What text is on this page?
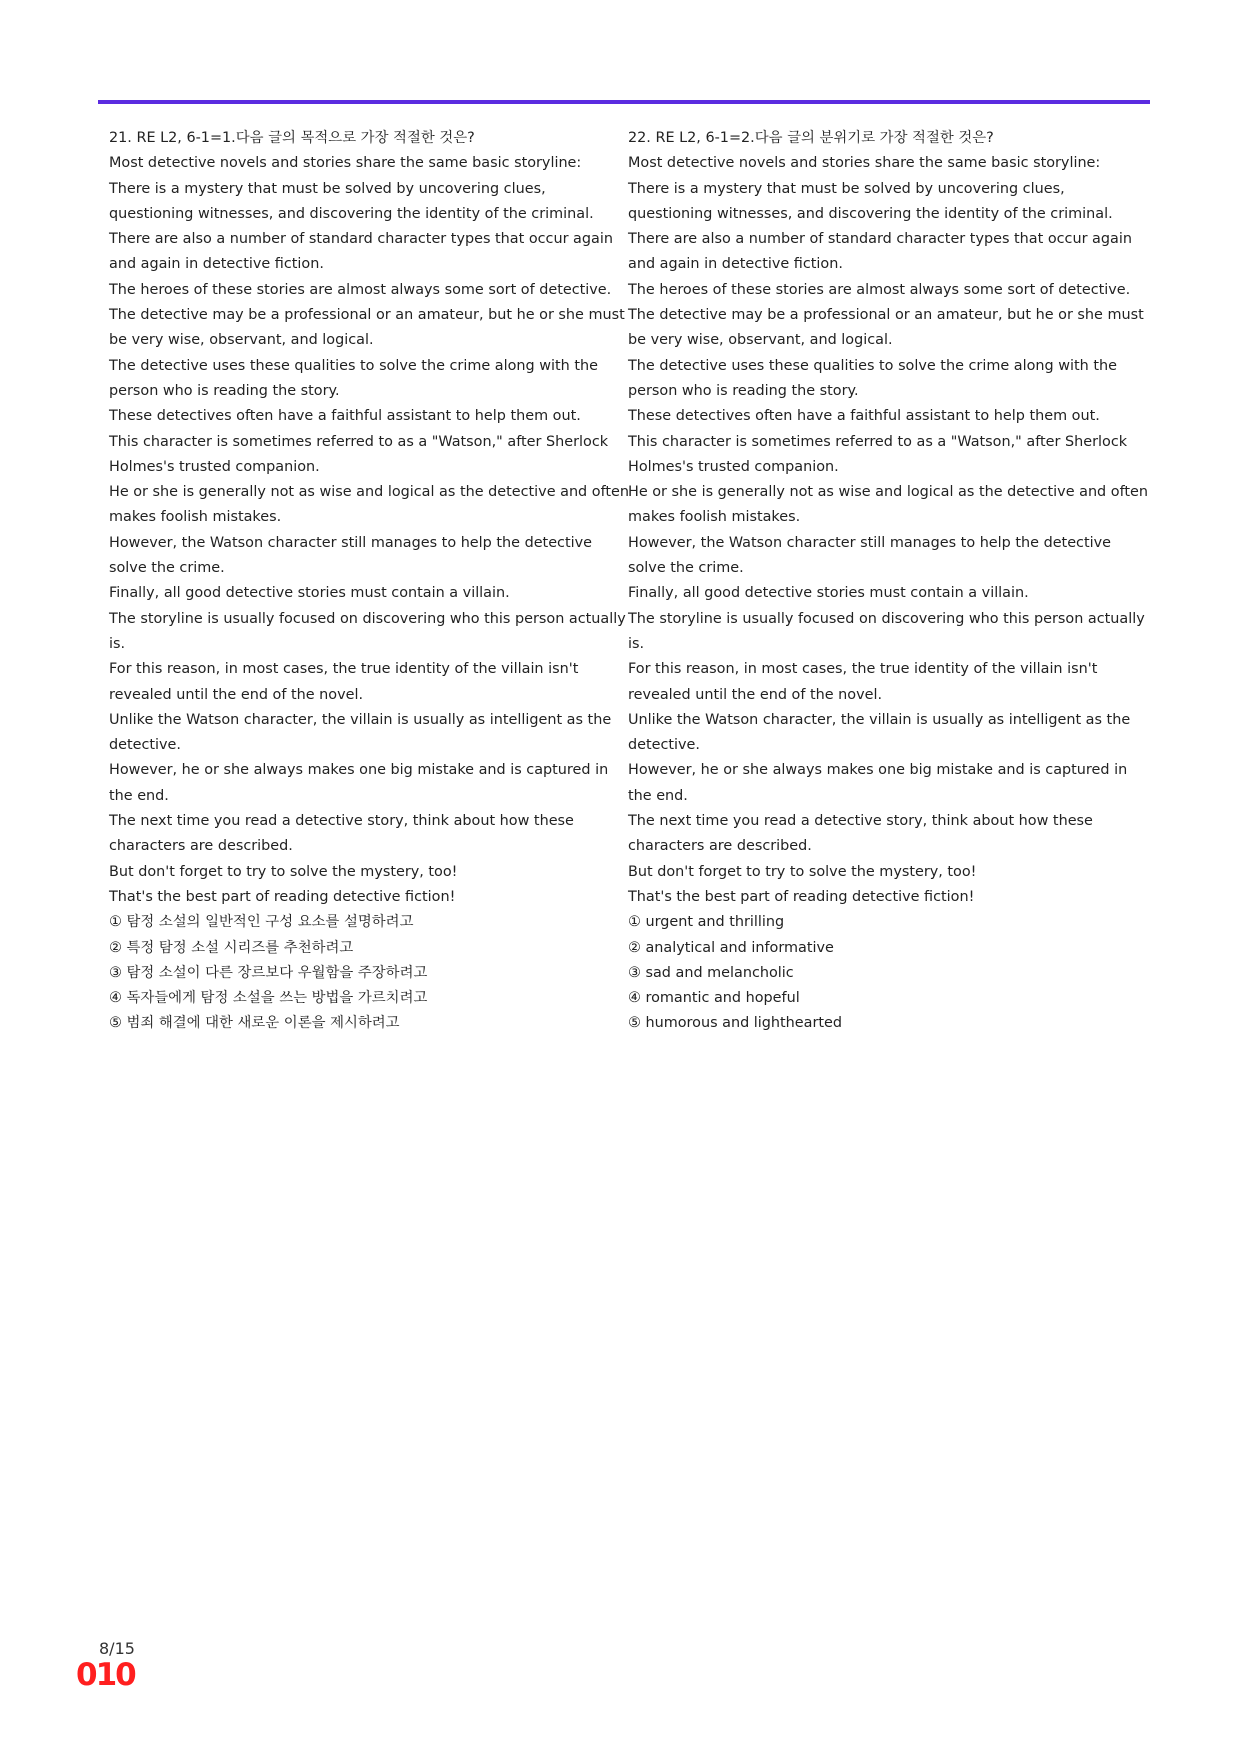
21. RE L2, 6-1=1.다음 글의 목적으로 가장 적절한 것은?

Most detective novels and stories share the same basic storyline:

There is a mystery that must be solved by uncovering clues, questioning witnesses, and discovering the identity of the criminal.

There are also a number of standard character types that occur again and again in detective fiction.

The heroes of these stories are almost always some sort of detective.

The detective may be a professional or an amateur, but he or she must be very wise, observant, and logical.

The detective uses these qualities to solve the crime along with the person who is reading the story.

These detectives often have a faithful assistant to help them out.

This character is sometimes referred to as a "Watson," after Sherlock Holmes's trusted companion.

He or she is generally not as wise and logical as the detective and often makes foolish mistakes.

However, the Watson character still manages to help the detective solve the crime.

Finally, all good detective stories must contain a villain.

The storyline is usually focused on discovering who this person actually is.

For this reason, in most cases, the true identity of the villain isn't revealed until the end of the novel.

Unlike the Watson character, the villain is usually as intelligent as the detective.

However, he or she always makes one big mistake and is captured in the end.

The next time you read a detective story, think about how these characters are described.

But don't forget to try to solve the mystery, too!

That's the best part of reading detective fiction!

① 탐정 소설의 일반적인 구성 요소를 설명하려고
② 특정 탐정 소설 시리즈를 추천하려고
③ 탐정 소설이 다른 장르보다 우월함을 주장하려고
④ 독자들에게 탐정 소설을 쓰는 방법을 가르치려고
⑤ 범죄 해결에 대한 새로운 이론을 제시하려고

22. RE L2, 6-1=2.다음 글의 분위기로 가장 적절한 것은?

Most detective novels and stories share the same basic storyline:

There is a mystery that must be solved by uncovering clues, questioning witnesses, and discovering the identity of the criminal.

There are also a number of standard character types that occur again and again in detective fiction.

The heroes of these stories are almost always some sort of detective.

The detective may be a professional or an amateur, but he or she must be very wise, observant, and logical.

The detective uses these qualities to solve the crime along with the person who is reading the story.

These detectives often have a faithful assistant to help them out.

This character is sometimes referred to as a "Watson," after Sherlock Holmes's trusted companion.

He or she is generally not as wise and logical as the detective and often makes foolish mistakes.

However, the Watson character still manages to help the detective solve the crime.

Finally, all good detective stories must contain a villain.

The storyline is usually focused on discovering who this person actually is.

For this reason, in most cases, the true identity of the villain isn't revealed until the end of the novel.

Unlike the Watson character, the villain is usually as intelligent as the detective.

However, he or she always makes one big mistake and is captured in the end.

The next time you read a detective story, think about how these characters are described.

But don't forget to try to solve the mystery, too!

That's the best part of reading detective fiction!

① urgent and thrilling
② analytical and informative
③ sad and melancholic
④ romantic and hopeful
⑤ humorous and lighthearted
8/15
010
